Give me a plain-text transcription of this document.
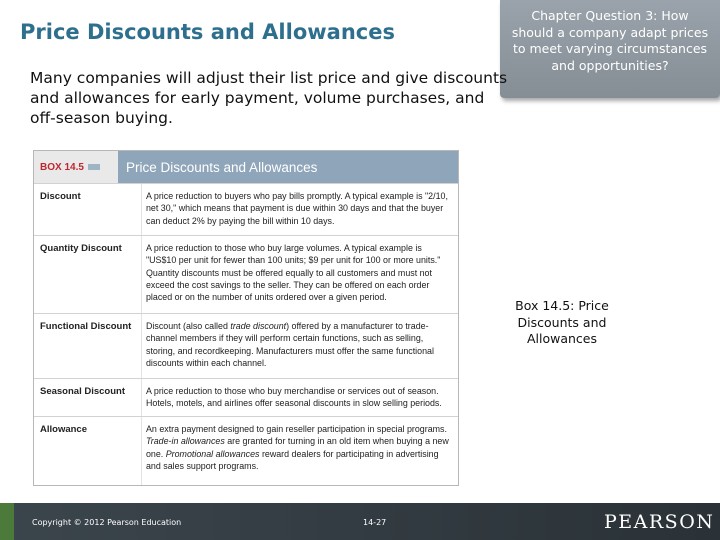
Price Discounts and Allowances
Chapter Question 3: How should a company adapt prices to meet varying circumstances and opportunities?
Many companies will adjust their list price and give discounts and allowances for early payment, volume purchases, and off-season buying.
BOX 14.5	Price Discounts and Allowances
Discount	A price reduction to buyers who pay bills promptly. A typical example is "2/10, net 30," which means that payment is due within 30 days and that the buyer can deduct 2% by paying the bill within 10 days.
Quantity Discount	A price reduction to those who buy large volumes. A typical example is "US$10 per unit for fewer than 100 units; $9 per unit for 100 or more units." Quantity discounts must be offered equally to all customers and must not exceed the cost savings to the seller. They can be offered on each order placed or on the number of units ordered over a given period.
Functional Discount	Discount (also called trade discount) offered by a manufacturer to trade-channel members if they will perform certain functions, such as selling, storing, and recordkeeping. Manufacturers must offer the same functional discounts within each channel.
Seasonal Discount	A price reduction to those who buy merchandise or services out of season. Hotels, motels, and airlines offer seasonal discounts in slow selling periods.
Allowance	An extra payment designed to gain reseller participation in special programs. Trade-in allowances are granted for turning in an old item when buying a new one. Promotional allowances reward dealers for participating in advertising and sales support programs.
Box 14.5: Price Discounts and Allowances
Copyright © 2012 Pearson Education	14-27	PEARSON
